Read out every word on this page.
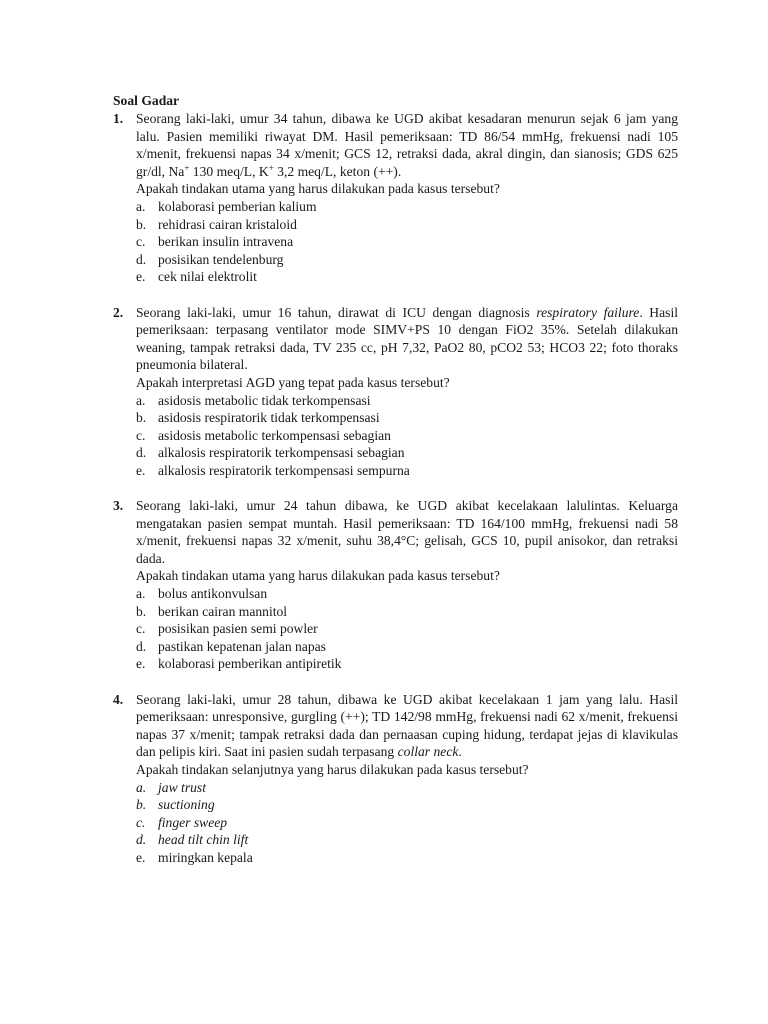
Soal Gadar
1. Seorang laki-laki, umur 34 tahun, dibawa ke UGD akibat kesadaran menurun sejak 6 jam yang lalu. Pasien memiliki riwayat DM. Hasil pemeriksaan: TD 86/54 mmHg, frekuensi nadi 105 x/menit, frekuensi napas 34 x/menit; GCS 12, retraksi dada, akral dingin, dan sianosis; GDS 625 gr/dl, Na+ 130 meq/L, K+ 3,2 meq/L, keton (++).
Apakah tindakan utama yang harus dilakukan pada kasus tersebut?
a. kolaborasi pemberian kalium
b. rehidrasi cairan kristaloid
c. berikan insulin intravena
d. posisikan tendelenburg
e. cek nilai elektrolit
2. Seorang laki-laki, umur 16 tahun, dirawat di ICU dengan diagnosis respiratory failure. Hasil pemeriksaan: terpasang ventilator mode SIMV+PS 10 dengan FiO2 35%. Setelah dilakukan weaning, tampak retraksi dada, TV 235 cc, pH 7,32, PaO2 80, pCO2 53; HCO3 22; foto thoraks pneumonia bilateral.
Apakah interpretasi AGD yang tepat pada kasus tersebut?
a. asidosis metabolic tidak terkompensasi
b. asidosis respiratorik tidak terkompensasi
c. asidosis metabolic terkompensasi sebagian
d. alkalosis respiratorik terkompensasi sebagian
e. alkalosis respiratorik terkompensasi sempurna
3. Seorang laki-laki, umur 24 tahun dibawa, ke UGD akibat kecelakaan lalulintas. Keluarga mengatakan pasien sempat muntah. Hasil pemeriksaan: TD 164/100 mmHg, frekuensi nadi 58 x/menit, frekuensi napas 32 x/menit, suhu 38,4°C; gelisah, GCS 10, pupil anisokor, dan retraksi dada.
Apakah tindakan utama yang harus dilakukan pada kasus tersebut?
a. bolus antikonvulsan
b. berikan cairan mannitol
c. posisikan pasien semi powler
d. pastikan kepatenan jalan napas
e. kolaborasi pemberikan antipiretik
4. Seorang laki-laki, umur 28 tahun, dibawa ke UGD akibat kecelakaan 1 jam yang lalu. Hasil pemeriksaan: unresponsive, gurgling (++); TD 142/98 mmHg, frekuensi nadi 62 x/menit, frekuensi napas 37 x/menit; tampak retraksi dada dan pernaasan cuping hidung, terdapat jejas di klavikulas dan pelipis kiri. Saat ini pasien sudah terpasang collar neck.
Apakah tindakan selanjutnya yang harus dilakukan pada kasus tersebut?
a. jaw trust
b. suctioning
c. finger sweep
d. head tilt chin lift
e. miringkan kepala
